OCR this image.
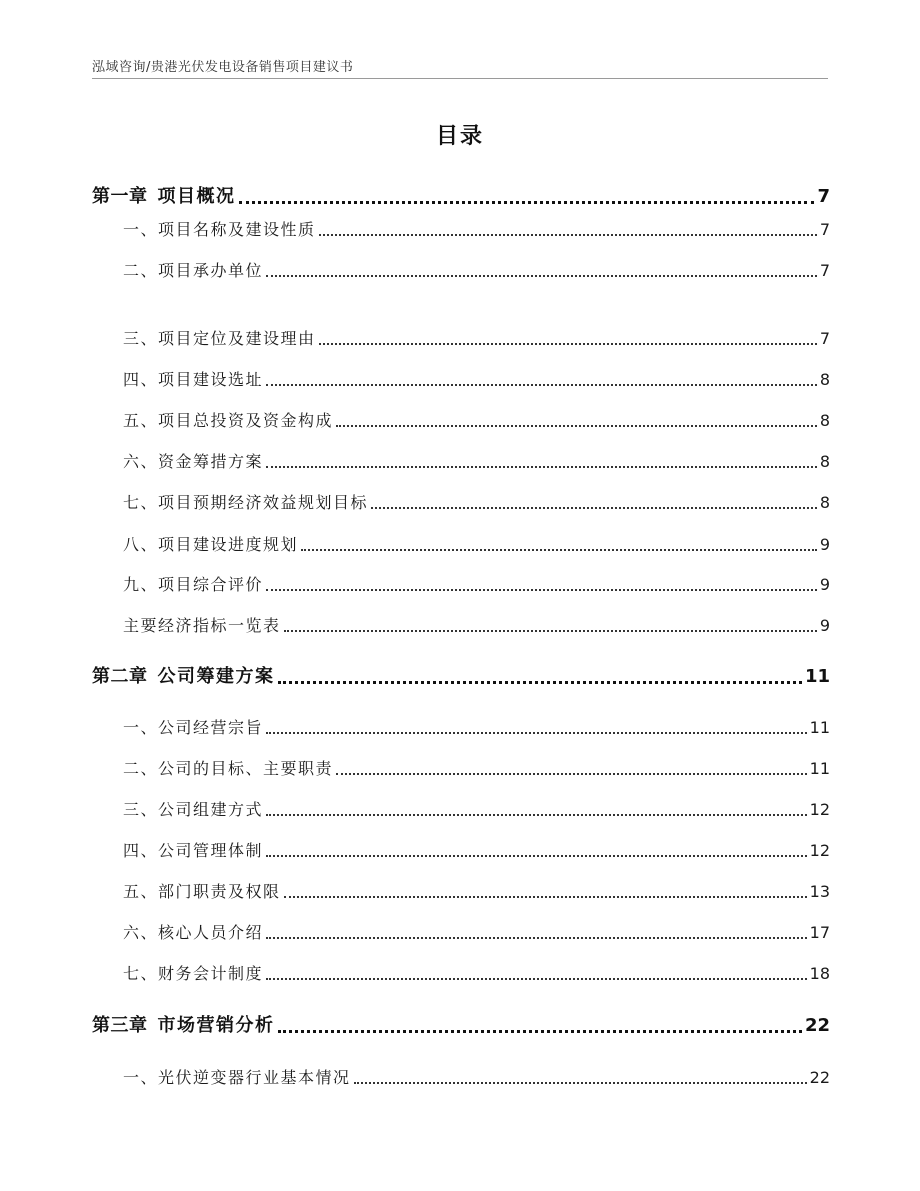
泓域咨询/贵港光伏发电设备销售项目建议书
目录
第一章 项目概况	7
一、项目名称及建设性质	7
二、项目承办单位	7
三、项目定位及建设理由	7
四、项目建设选址	8
五、项目总投资及资金构成	8
六、资金筹措方案	8
七、项目预期经济效益规划目标	8
八、项目建设进度规划	9
九、项目综合评价	9
主要经济指标一览表	9
第二章 公司筹建方案	11
一、公司经营宗旨	11
二、公司的目标、主要职责	11
三、公司组建方式	12
四、公司管理体制	12
五、部门职责及权限	13
六、核心人员介绍	17
七、财务会计制度	18
第三章 市场营销分析	22
一、光伏逆变器行业基本情况	22
